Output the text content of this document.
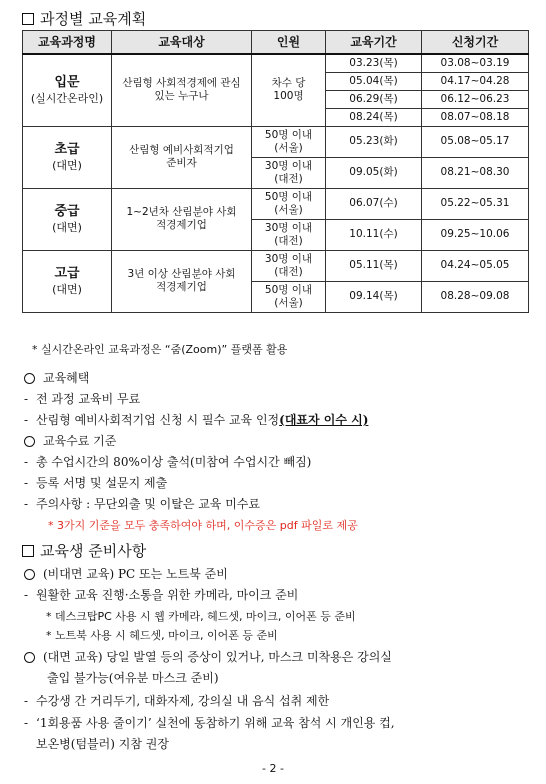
과정별 교육계획
교육과정명	교육대상	인원	교육기간	신청기간

입문
(실시간온라인)	산림형 사회적경제에 관심 있는 누구나	차수 당 100명	03.23(목)	03.08~03.19
			05.04(목)	04.17~04.28
			06.29(목)	06.12~06.23
			08.24(목)	08.07~08.18

초급
(대면)	산림형 예비사회적기업 준비자	50명 이내 (서울)	05.23(화)	05.08~05.17
		30명 이내 (대전)	09.05(화)	08.21~08.30

중급
(대면)	1~2년차 산림분야 사회적경제기업	50명 이내 (서울)	06.07(수)	05.22~05.31
		30명 이내 (대전)	10.11(수)	09.25~10.06

고급
(대면)	3년 이상 산림분야 사회적경제기업	30명 이내 (대전)	05.11(목)	04.24~05.05
		50명 이내 (서울)	09.14(목)	08.28~09.08
* 실시간온라인 교육과정은 “줌(Zoom)” 플랫폼 활용
교육혜택
- 전 과정 교육비 무료
- 산림형 예비사회적기업 신청 시 필수 교육 인정(대표자 이수 시)
교육수료 기준
- 총 수업시간의 80%이상 출석(미참여 수업시간 빼짐)
- 등록 서명 및 설문지 제출
- 주의사항 : 무단외출 및 이탈은 교육 미수료
* 3가지 기준을 모두 충족하여야 하며, 이수증은 pdf 파일로 제공
교육생 준비사항
(비대면 교육) PC 또는 노트북 준비
- 원활한 교육 진행·소통을 위한 카메라, 마이크 준비
* 데스크탑PC 사용 시 웹 카메라, 헤드셋, 마이크, 이어폰 등 준비
* 노트북 사용 시 헤드셋, 마이크, 이어폰 등 준비
(대면 교육) 당일 발열 등의 증상이 있거나, 마스크 미착용은 강의실
출입 불가능(여유분 마스크 준비)
- 수강생 간 거리두기, 대화자제, 강의실 내 음식 섭취 제한
- ‘1회용품 사용 줄이기’ 실천에 동참하기 위해 교육 참석 시 개인용 컵,
보온병(텀블러) 지참 권장
- 2 -
